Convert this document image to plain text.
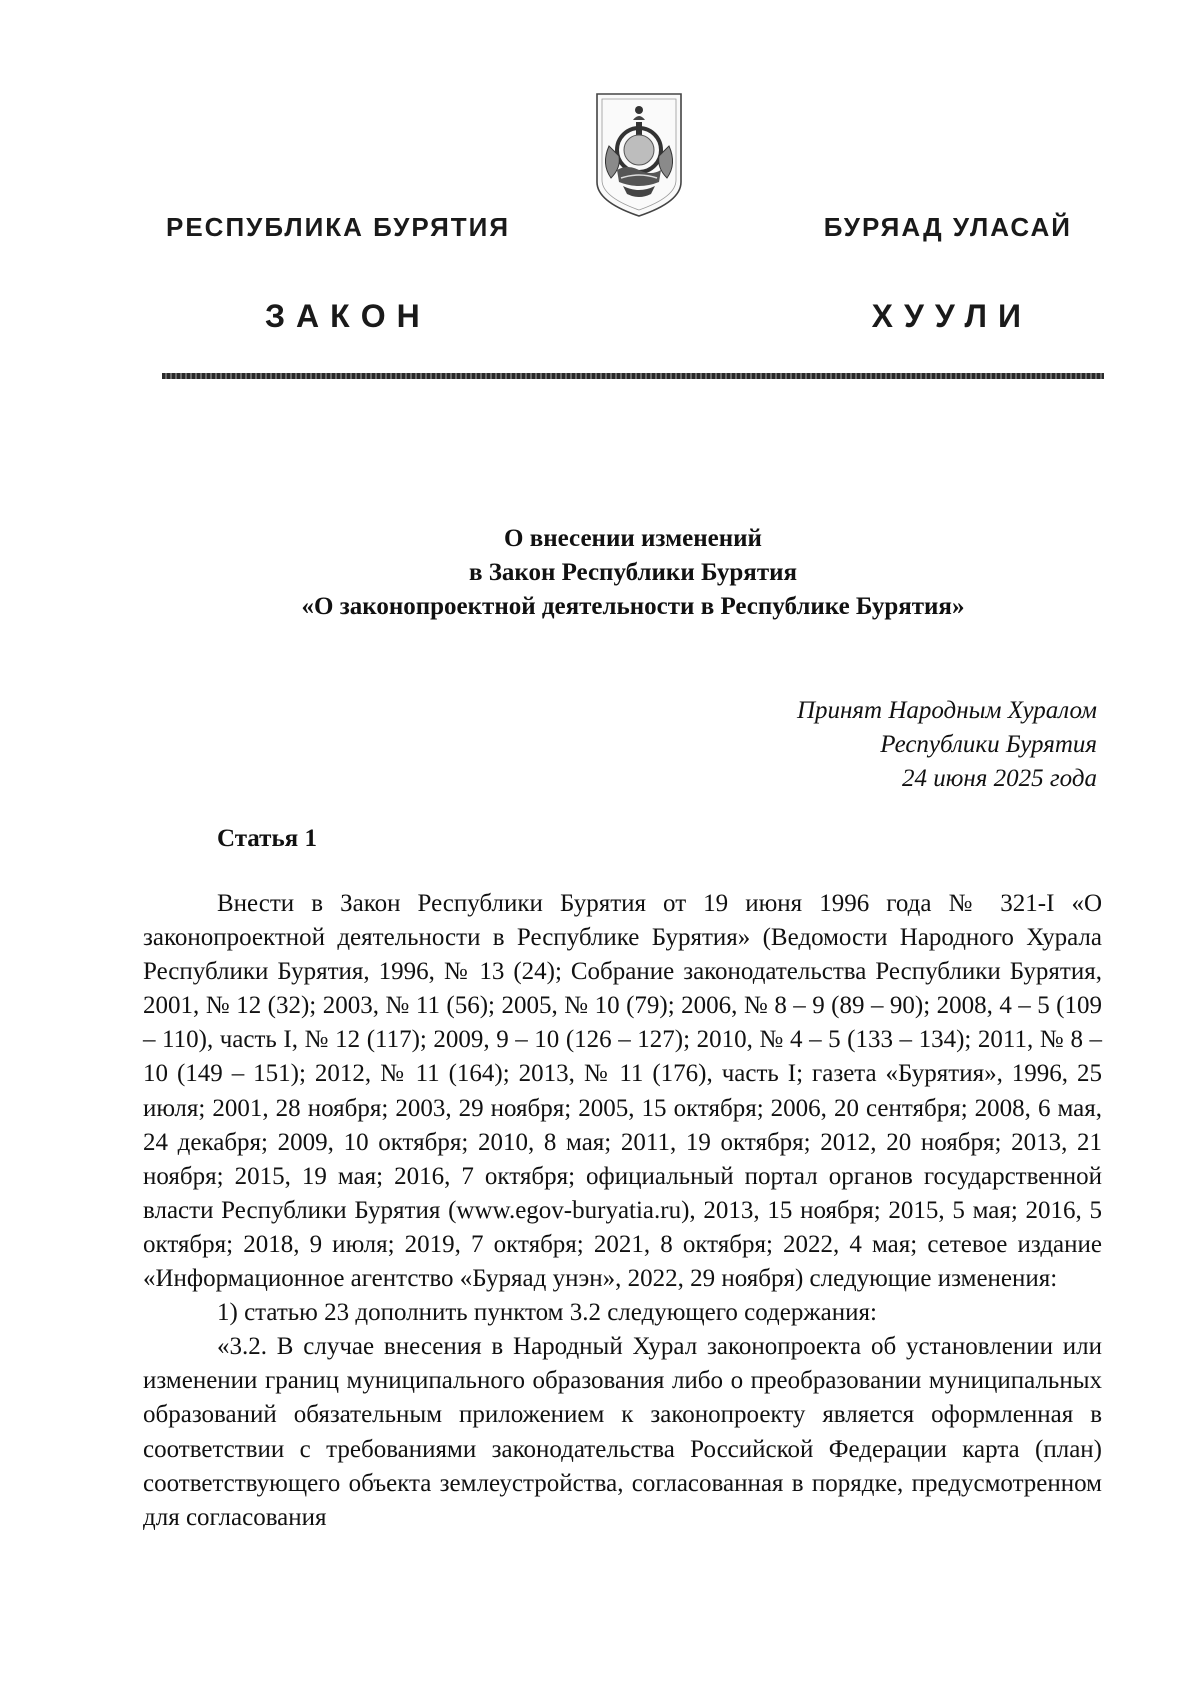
РЕСПУБЛИКА БУРЯТИЯ	БУРЯАД УЛАСАЙ
ЗАКОН	ХУУЛИ
О внесении изменений
в Закон Республики Бурятия
«О законопроектной деятельности в Республике Бурятия»
Принят Народным Хуралом
Республики Бурятия
24 июня 2025 года
Статья 1

Внести в Закон Республики Бурятия от 19 июня 1996 года № 321-I «О законопроектной деятельности в Республике Бурятия» (Ведомости Народного Хурала Республики Бурятия, 1996, № 13 (24); Собрание законодательства Республики Бурятия, 2001, № 12 (32); 2003, № 11 (56); 2005, № 10 (79); 2006, № 8 – 9 (89 – 90); 2008, 4 – 5 (109 – 110), часть I, № 12 (117); 2009, 9 – 10 (126 – 127); 2010, № 4 – 5 (133 – 134); 2011, № 8 – 10 (149 – 151); 2012, № 11 (164); 2013, № 11 (176), часть I; газета «Бурятия», 1996, 25 июля; 2001, 28 ноября; 2003, 29 ноября; 2005, 15 октября; 2006, 20 сентября; 2008, 6 мая, 24 декабря; 2009, 10 октября; 2010, 8 мая; 2011, 19 октября; 2012, 20 ноября; 2013, 21 ноября; 2015, 19 мая; 2016, 7 октября; официальный портал органов государственной власти Республики Бурятия (www.egov-buryatia.ru), 2013, 15 ноября; 2015, 5 мая; 2016, 5 октября; 2018, 9 июля; 2019, 7 октября; 2021, 8 октября; 2022, 4 мая; сетевое издание «Информационное агентство «Буряад унэн», 2022, 29 ноября) следующие изменения:

1) статью 23 дополнить пунктом 3.2 следующего содержания:

«3.2. В случае внесения в Народный Хурал законопроекта об установлении или изменении границ муниципального образования либо о преобразовании муниципальных образований обязательным приложением к законопроекту является оформленная в соответствии с требованиями законодательства Российской Федерации карта (план) соответствующего объекта землеустройства, согласованная в порядке, предусмотренном для согласования
